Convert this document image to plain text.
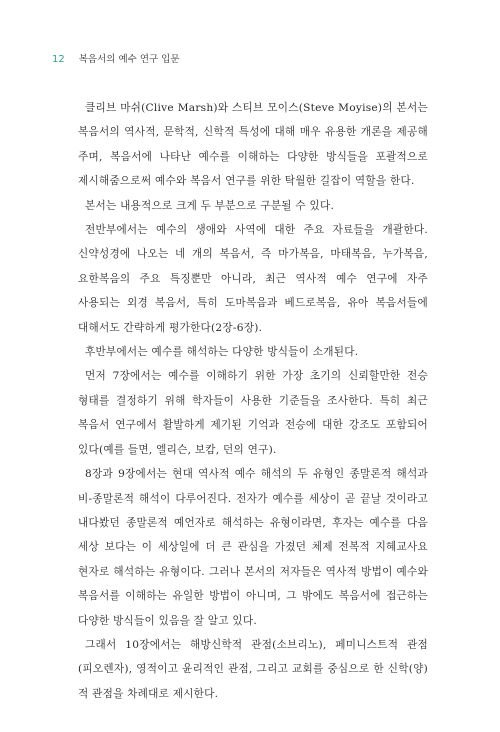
12 복음서의 예수 연구 입문

클리브 마쉬(Clive Marsh)와 스티브 모이스(Steve Moyise)의 본서는 복음서의 역사적, 문학적, 신학적 특성에 대해 매우 유용한 개론을 제공해 주며, 복음서에 나타난 예수를 이해하는 다양한 방식들을 포괄적으로 제시해줌으로써 예수와 복음서 연구를 위한 탁월한 길잡이 역할을 한다.

본서는 내용적으로 크게 두 부분으로 구분될 수 있다.

전반부에서는 예수의 생애와 사역에 대한 주요 자료들을 개괄한다. 신약성경에 나오는 네 개의 복음서, 즉 마가복음, 마태복음, 누가복음, 요한복음의 주요 특징뿐만 아니라, 최근 역사적 예수 연구에 자주 사용되는 외경 복음서, 특히 도마복음과 베드로복음, 유아 복음서들에 대해서도 간략하게 평가한다(2장-6장).

후반부에서는 예수를 해석하는 다양한 방식들이 소개된다.

먼저 7장에서는 예수를 이해하기 위한 가장 초기의 신뢰할만한 전승 형태를 결정하기 위해 학자들이 사용한 기준들을 조사한다. 특히 최근 복음서 연구에서 활발하게 제기된 기억과 전승에 대한 강조도 포함되어 있다(예를 들면, 엘리슨, 보캄, 던의 연구).

8장과 9장에서는 현대 역사적 예수 해석의 두 유형인 종말론적 해석과 비-종말론적 해석이 다루어진다. 전자가 예수를 세상이 곧 끝날 것이라고 내다봤던 종말론적 예언자로 해석하는 유형이라면, 후자는 예수를 다음 세상 보다는 이 세상일에 더 큰 관심을 가졌던 체제 전복적 지혜교사요 현자로 해석하는 유형이다. 그러나 본서의 저자들은 역사적 방법이 예수와 복음서를 이해하는 유일한 방법이 아니며, 그 밖에도 복음서에 접근하는 다양한 방식들이 있음을 잘 알고 있다.

그래서 10장에서는 해방신학적 관점(소브리노), 페미니스트적 관점(피오렌자), 영적이고 윤리적인 관점, 그리고 교회를 중심으로 한 신학(양)적 관점을 차례대로 제시한다.
